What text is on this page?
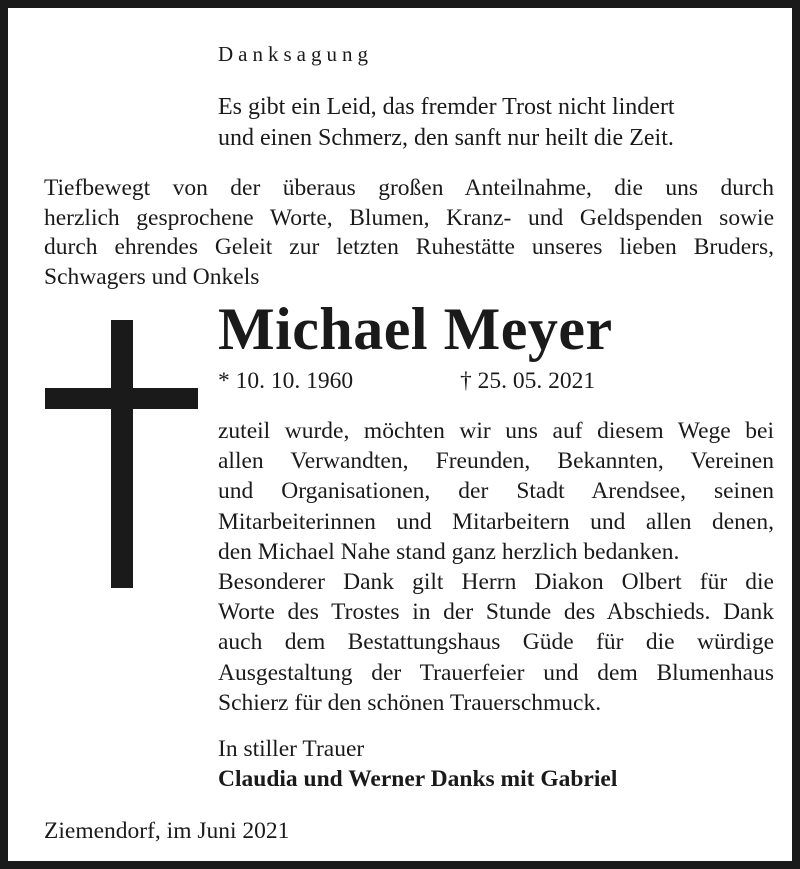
Danksagung
Es gibt ein Leid, das fremder Trost nicht lindert
und einen Schmerz, den sanft nur heilt die Zeit.
Tiefbewegt von der überaus großen Anteilnahme, die uns durch
herzlich gesprochene Worte, Blumen, Kranz- und Geldspenden sowie
durch ehrendes Geleit zur letzten Ruhestätte unseres lieben Bruders,
Schwagers und Onkels
Michael Meyer
* 10. 10. 1960	† 25. 05. 2021
zuteil wurde, möchten wir uns auf diesem Wege bei
allen Verwandten, Freunden, Bekannten, Vereinen
und Organisationen, der Stadt Arendsee, seinen
Mitarbeiterinnen und Mitarbeitern und allen denen,
den Michael Nahe stand ganz herzlich bedanken.
Besonderer Dank gilt Herrn Diakon Olbert für die
Worte des Trostes in der Stunde des Abschieds. Dank
auch dem Bestattungshaus Güde für die würdige
Ausgestaltung der Trauerfeier und dem Blumenhaus
Schierz für den schönen Trauerschmuck.
In stiller Trauer
Claudia und Werner Danks mit Gabriel
Ziemendorf, im Juni 2021
